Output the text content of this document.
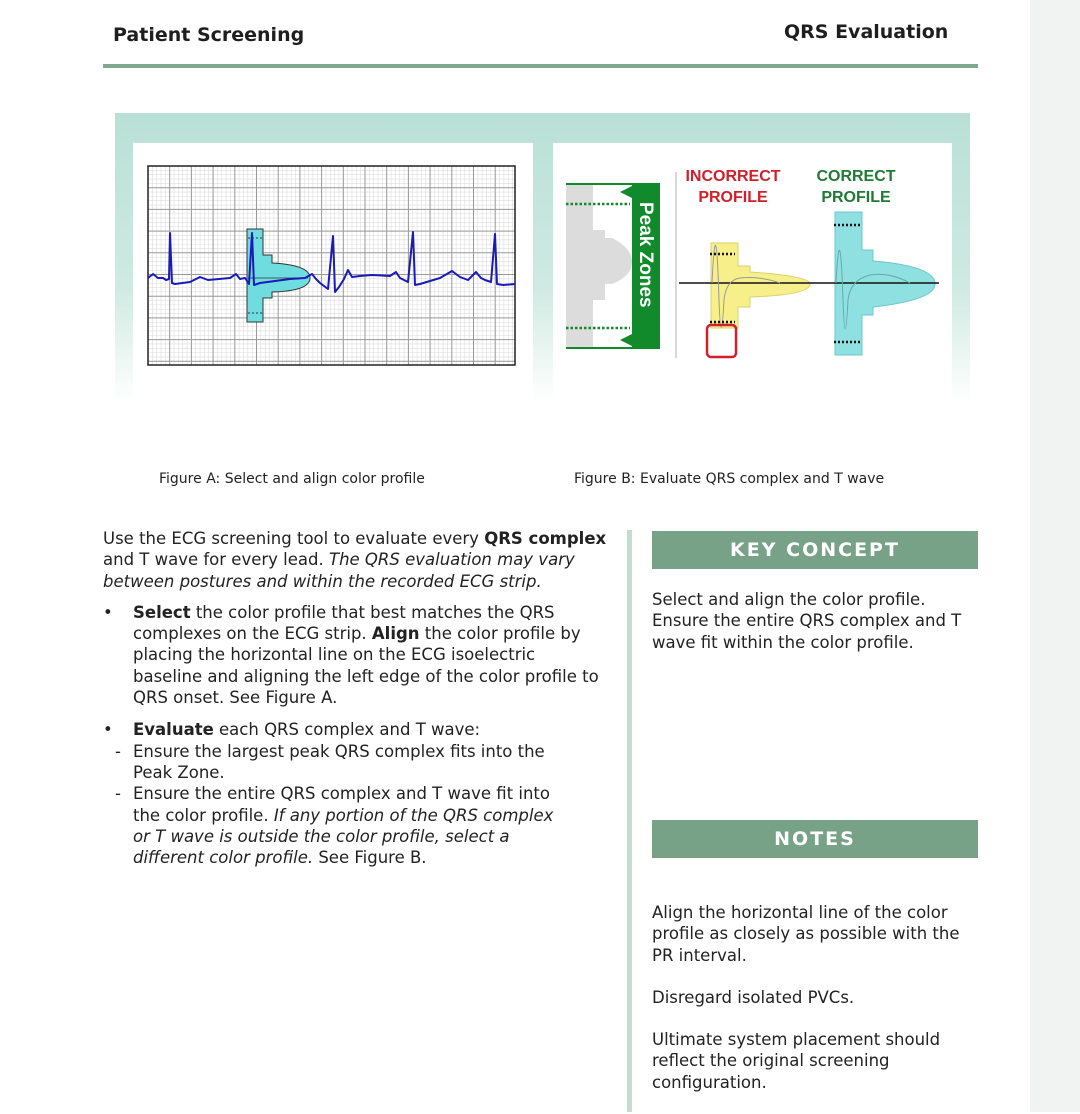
Patient Screening	QRS Evaluation
Peak Zones
INCORRECT
PROFILE
CORRECT
PROFILE
Figure A: Select and align color profile	Figure B: Evaluate QRS complex and T wave

Use the ECG screening tool to evaluate every QRS complex and T wave for every lead. The QRS evaluation may vary between postures and within the recorded ECG strip.

• Select the color profile that best matches the QRS complexes on the ECG strip. Align the color profile by placing the horizontal line on the ECG isoelectric baseline and aligning the left edge of the color profile to QRS onset. See Figure A.
• Evaluate each QRS complex and T wave:
- Ensure the largest peak QRS complex fits into the Peak Zone.
- Ensure the entire QRS complex and T wave fit into the color profile. If any portion of the QRS complex or T wave is outside the color profile, select a different color profile. See Figure B.
KEY CONCEPT

Select and align the color profile. Ensure the entire QRS complex and T wave fit within the color profile.

NOTES

Align the horizontal line of the color profile as closely as possible with the PR interval.

Disregard isolated PVCs.

Ultimate system placement should reflect the original screening configuration.
